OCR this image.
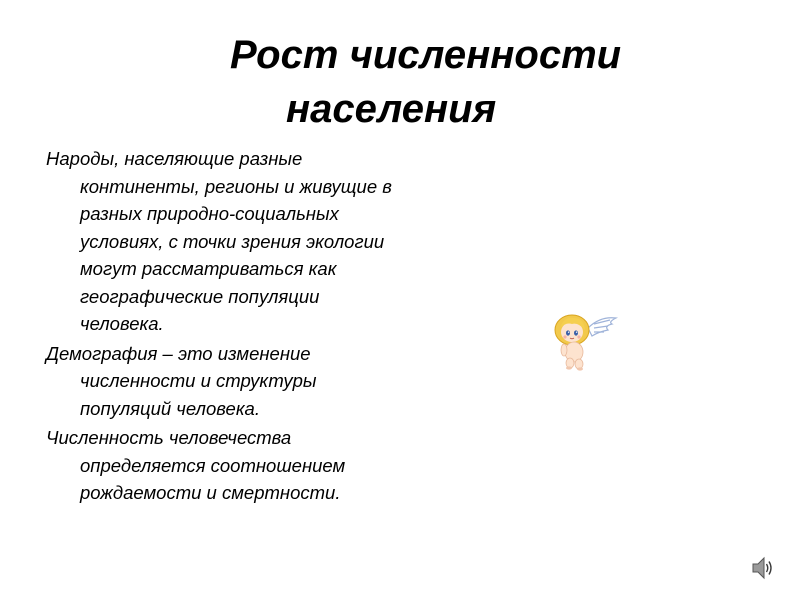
Рост численности
населения

Народы, населяющие разные континенты, регионы и живущие в разных природно-социальных условиях, с точки зрения экологии могут рассматриваться как географические популяции человека.

Демография – это изменение численности и структуры популяций человека.

Численность человечества определяется соотношением рождаемости и смертности.
